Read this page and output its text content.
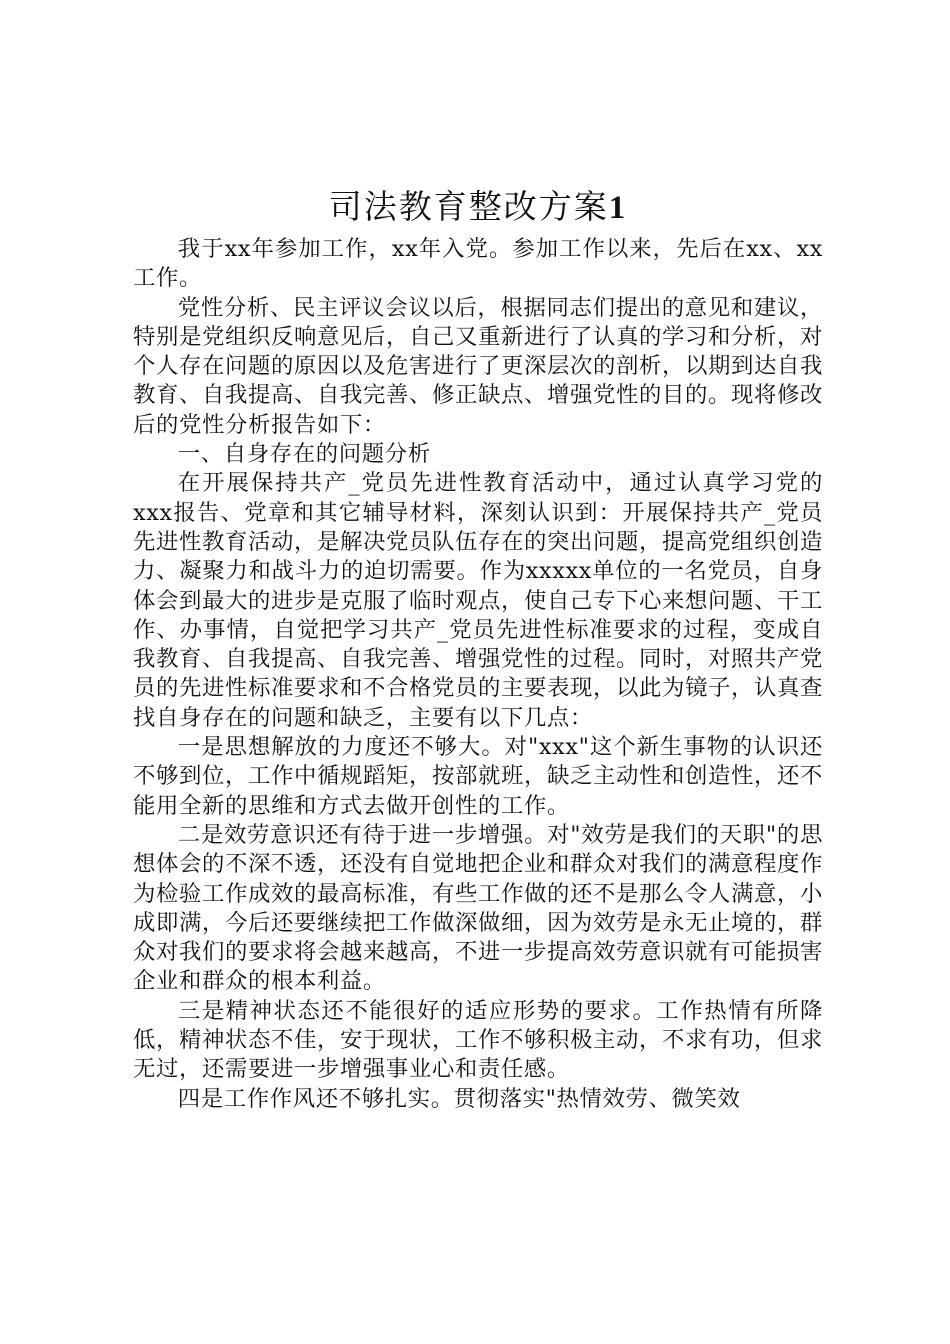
司法教育整改方案1

我于xx年参加工作，xx年入党。参加工作以来，先后在xx、xx工作。

党性分析、民主评议会议以后，根据同志们提出的意见和建议，特别是党组织反响意见后，自己又重新进行了认真的学习和分析，对个人存在问题的原因以及危害进行了更深层次的剖析，以期到达自我教育、自我提高、自我完善、修正缺点、增强党性的目的。现将修改后的党性分析报告如下：

一、自身存在的问题分析

在开展保持共产_党员先进性教育活动中，通过认真学习党的xxx报告、党章和其它辅导材料，深刻认识到：开展保持共产_党员先进性教育活动，是解决党员队伍存在的突出问题，提高党组织创造力、凝聚力和战斗力的迫切需要。作为xxxxx单位的一名党员，自身体会到最大的进步是克服了临时观点，使自己专下心来想问题、干工作、办事情，自觉把学习共产_党员先进性标准要求的过程，变成自我教育、自我提高、自我完善、增强党性的过程。同时，对照共产党员的先进性标准要求和不合格党员的主要表现，以此为镜子，认真查找自身存在的问题和缺乏，主要有以下几点：

一是思想解放的力度还不够大。对"xxx"这个新生事物的认识还不够到位，工作中循规蹈矩，按部就班，缺乏主动性和创造性，还不能用全新的思维和方式去做开创性的工作。

二是效劳意识还有待于进一步增强。对"效劳是我们的天职"的思想体会的不深不透，还没有自觉地把企业和群众对我们的满意程度作为检验工作成效的最高标准，有些工作做的还不是那么令人满意，小成即满，今后还要继续把工作做深做细，因为效劳是永无止境的，群众对我们的要求将会越来越高，不进一步提高效劳意识就有可能损害企业和群众的根本利益。

三是精神状态还不能很好的适应形势的要求。工作热情有所降低，精神状态不佳，安于现状，工作不够积极主动，不求有功，但求无过，还需要进一步增强事业心和责任感。

四是工作作风还不够扎实。贯彻落实"热情效劳、微笑效
